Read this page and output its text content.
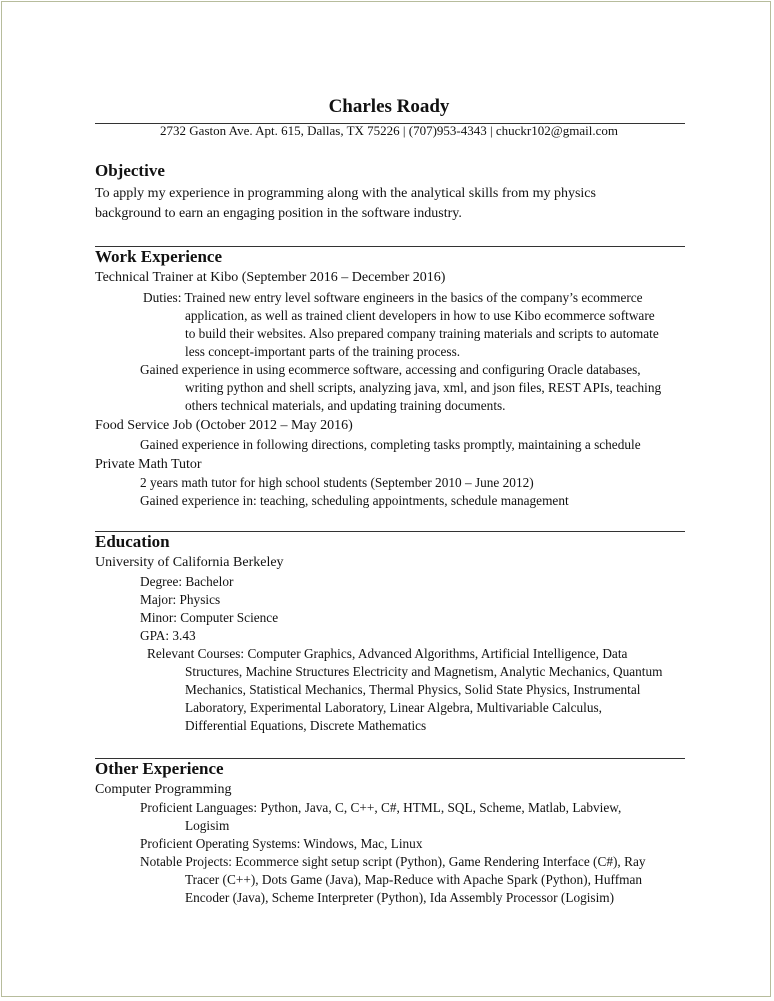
Charles Roady
2732 Gaston Ave. Apt. 615, Dallas, TX 75226 | (707)953-4343 | chuckr102@gmail.com
Objective
To apply my experience in programming along with the analytical skills from my physics
background to earn an engaging position in the software industry.
Work Experience
Technical Trainer at Kibo (September 2016 – December 2016)
Duties: Trained new entry level software engineers in the basics of the company’s ecommerce
application, as well as trained client developers in how to use Kibo ecommerce software
to build their websites. Also prepared company training materials and scripts to automate
less concept-important parts of the training process.
Gained experience in using ecommerce software, accessing and configuring Oracle databases,
writing python and shell scripts, analyzing java, xml, and json files, REST APIs, teaching
others technical materials, and updating training documents.
Food Service Job (October 2012 – May 2016)
Gained experience in following directions, completing tasks promptly, maintaining a schedule
Private Math Tutor
2 years math tutor for high school students (September 2010 – June 2012)
Gained experience in: teaching, scheduling appointments, schedule management
Education
University of California Berkeley
Degree: Bachelor
Major: Physics
Minor: Computer Science
GPA: 3.43
Relevant Courses: Computer Graphics, Advanced Algorithms, Artificial Intelligence, Data
Structures, Machine Structures Electricity and Magnetism, Analytic Mechanics, Quantum
Mechanics, Statistical Mechanics, Thermal Physics, Solid State Physics, Instrumental
Laboratory, Experimental Laboratory, Linear Algebra, Multivariable Calculus,
Differential Equations, Discrete Mathematics
Other Experience
Computer Programming
Proficient Languages: Python, Java, C, C++, C#, HTML, SQL, Scheme, Matlab, Labview,
Logisim
Proficient Operating Systems: Windows, Mac, Linux
Notable Projects: Ecommerce sight setup script (Python), Game Rendering Interface (C#), Ray
Tracer (C++), Dots Game (Java), Map-Reduce with Apache Spark (Python), Huffman
Encoder (Java), Scheme Interpreter (Python), Ida Assembly Processor (Logisim)
